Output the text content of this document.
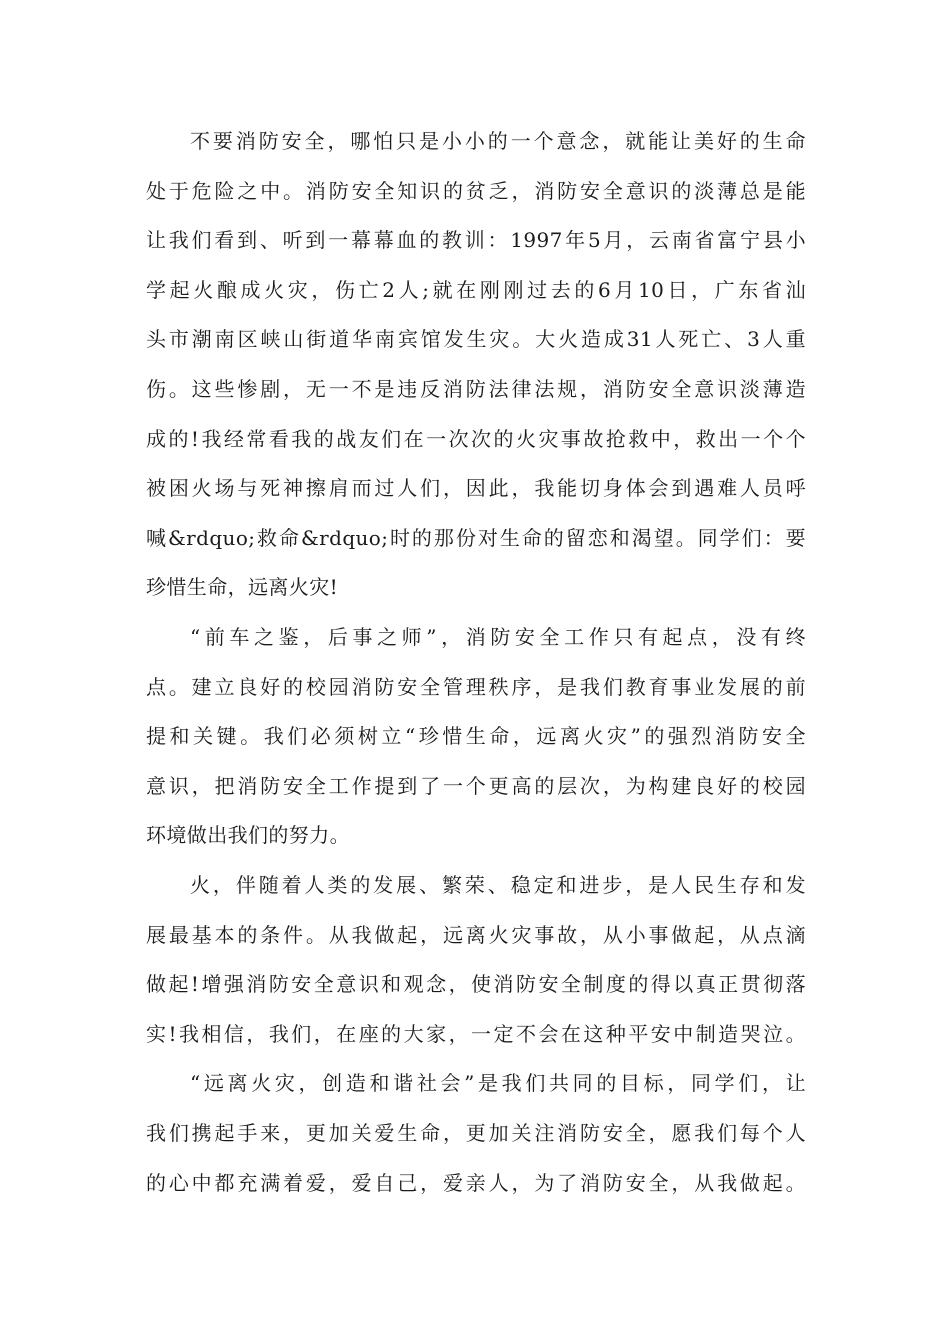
不要消防安全，哪怕只是小小的一个意念，就能让美好的生命
处于危险之中。消防安全知识的贫乏，消防安全意识的淡薄总是能
让我们看到、听到一幕幕血的教训：1997年5月，云南省富宁县小
学起火酿成火灾，伤亡2人;就在刚刚过去的6月10日，广东省汕
头市潮南区峡山街道华南宾馆发生灾。大火造成31人死亡、3人重
伤。这些惨剧，无一不是违反消防法律法规，消防安全意识淡薄造
成的!我经常看我的战友们在一次次的火灾事故抢救中，救出一个个
被困火场与死神擦肩而过人们，因此，我能切身体会到遇难人员呼
喊&rdquo;救命&rdquo;时的那份对生命的留恋和渴望。同学们：要
珍惜生命，远离火灾!
“前车之鉴，后事之师”，消防安全工作只有起点，没有终
点。建立良好的校园消防安全管理秩序，是我们教育事业发展的前
提和关键。我们必须树立“珍惜生命，远离火灾”的强烈消防安全
意识，把消防安全工作提到了一个更高的层次，为构建良好的校园
环境做出我们的努力。
火，伴随着人类的发展、繁荣、稳定和进步，是人民生存和发
展最基本的条件。从我做起，远离火灾事故，从小事做起，从点滴
做起!增强消防安全意识和观念，使消防安全制度的得以真正贯彻落
实!我相信，我们，在座的大家，一定不会在这种平安中制造哭泣。
“远离火灾，创造和谐社会”是我们共同的目标，同学们，让
我们携起手来，更加关爱生命，更加关注消防安全，愿我们每个人
的心中都充满着爱，爱自己，爱亲人，为了消防安全，从我做起。
